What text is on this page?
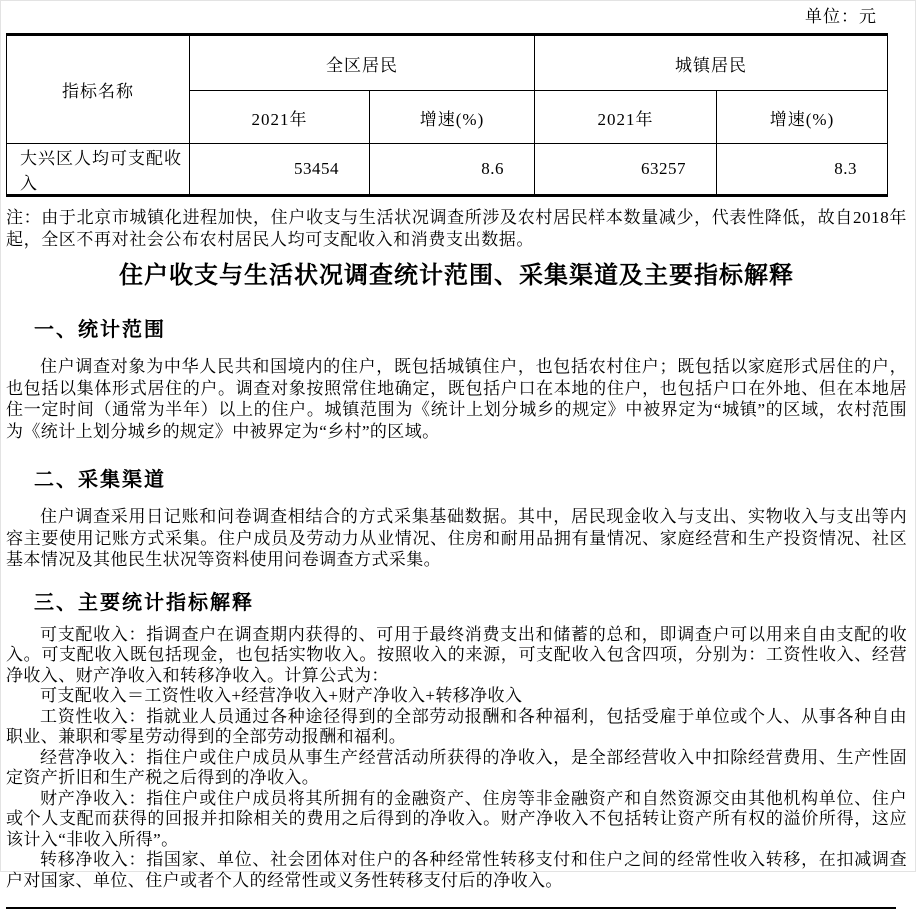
单位：元
指标名称	全区居民		城镇居民	
	2021年	增速(%)	2021年	增速(%)
大兴区人均可支配收入	53454	8.6	63257	8.3

注：由于北京市城镇化进程加快，住户收支与生活状况调查所涉及农村居民样本数量减少，代表性降低，故自2018年起，全区不再对社会公布农村居民人均可支配收入和消费支出数据。

住户收支与生活状况调查统计范围、采集渠道及主要指标解释
一、统计范围

住户调查对象为中华人民共和国境内的住户，既包括城镇住户，也包括农村住户；既包括以家庭形式居住的户，也包括以集体形式居住的户。调查对象按照常住地确定，既包括户口在本地的住户，也包括户口在外地、但在本地居住一定时间（通常为半年）以上的住户。城镇范围为《统计上划分城乡的规定》中被界定为“城镇”的区域，农村范围为《统计上划分城乡的规定》中被界定为“乡村”的区域。

二、采集渠道

住户调查采用日记账和问卷调查相结合的方式采集基础数据。其中，居民现金收入与支出、实物收入与支出等内容主要使用记账方式采集。住户成员及劳动力从业情况、住房和耐用品拥有量情况、家庭经营和生产投资情况、社区基本情况及其他民生状况等资料使用问卷调查方式采集。

三、主要统计指标解释

可支配收入：指调查户在调查期内获得的、可用于最终消费支出和储蓄的总和，即调查户可以用来自由支配的收入。可支配收入既包括现金，也包括实物收入。按照收入的来源，可支配收入包含四项，分别为：工资性收入、经营净收入、财产净收入和转移净收入。计算公式为：

可支配收入＝工资性收入+经营净收入+财产净收入+转移净收入

工资性收入：指就业人员通过各种途径得到的全部劳动报酬和各种福利，包括受雇于单位或个人、从事各种自由职业、兼职和零星劳动得到的全部劳动报酬和福利。

经营净收入：指住户或住户成员从事生产经营活动所获得的净收入，是全部经营收入中扣除经营费用、生产性固定资产折旧和生产税之后得到的净收入。

财产净收入：指住户或住户成员将其所拥有的金融资产、住房等非金融资产和自然资源交由其他机构单位、住户或个人支配而获得的回报并扣除相关的费用之后得到的净收入。财产净收入不包括转让资产所有权的溢价所得，这应该计入“非收入所得”。

转移净收入：指国家、单位、社会团体对住户的各种经常性转移支付和住户之间的经常性收入转移，在扣减调查户对国家、单位、住户或者个人的经常性或义务性转移支付后的净收入。
